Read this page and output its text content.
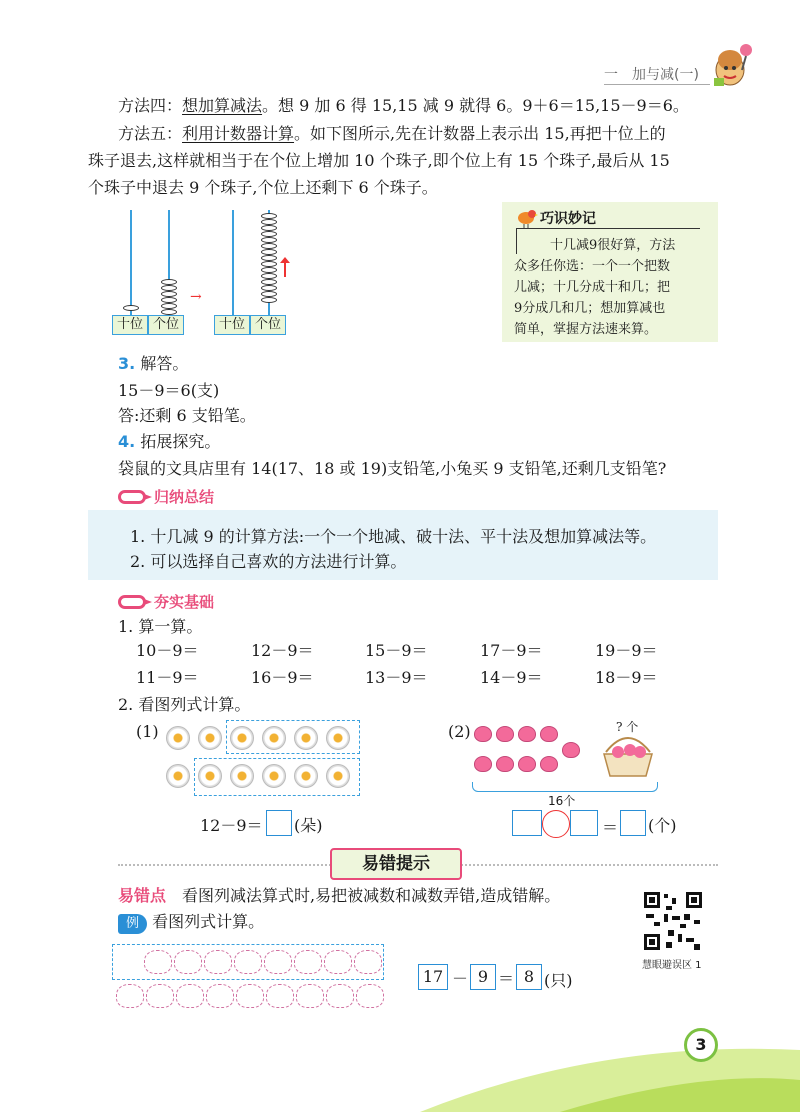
一　加与减(一)
方法四：想加算减法。想 9 加 6 得 15,15 减 9 就得 6。9＋6＝15,15－9＝6。
方法五：利用计数器计算。如下图所示,先在计数器上表示出 15,再把十位上的
珠子退去,这样就相当于在个位上增加 10 个珠子,即个位上有 15 个珠子,最后从 15
个珠子中退去 9 个珠子,个位上还剩下 6 个珠子。
十位 个位
→
十位 个位
巧识妙记
十几减9很好算，方法
众多任你选：一个一个把数
儿减；十几分成十和几；把
9分成几和几；想加算减也
简单，掌握方法速来算。
3. 解答。
15－9＝6(支)
答:还剩 6 支铅笔。
4. 拓展探究。
袋鼠的文具店里有 14(17、18 或 19)支铅笔,小兔买 9 支铅笔,还剩几支铅笔?
归纳总结
1. 十几减 9 的计算方法:一个一个地减、破十法、平十法及想加算减法等。
2. 可以选择自己喜欢的方法进行计算。
夯实基础
1. 算一算。
10－9＝	12－9＝	15－9＝	17－9＝	19－9＝
11－9＝	16－9＝	13－9＝	14－9＝	18－9＝
2. 看图列式计算。
(1)
12－9＝ (朵)
(2)	? 个
16个
＝ (个)
易错提示
易错点　 看图列减法算式时,易把被减数和减数弄错,造成错解。
例 看图列式计算。
17 － 9 ＝ 8 (只)
慧眼避误区 1
3
